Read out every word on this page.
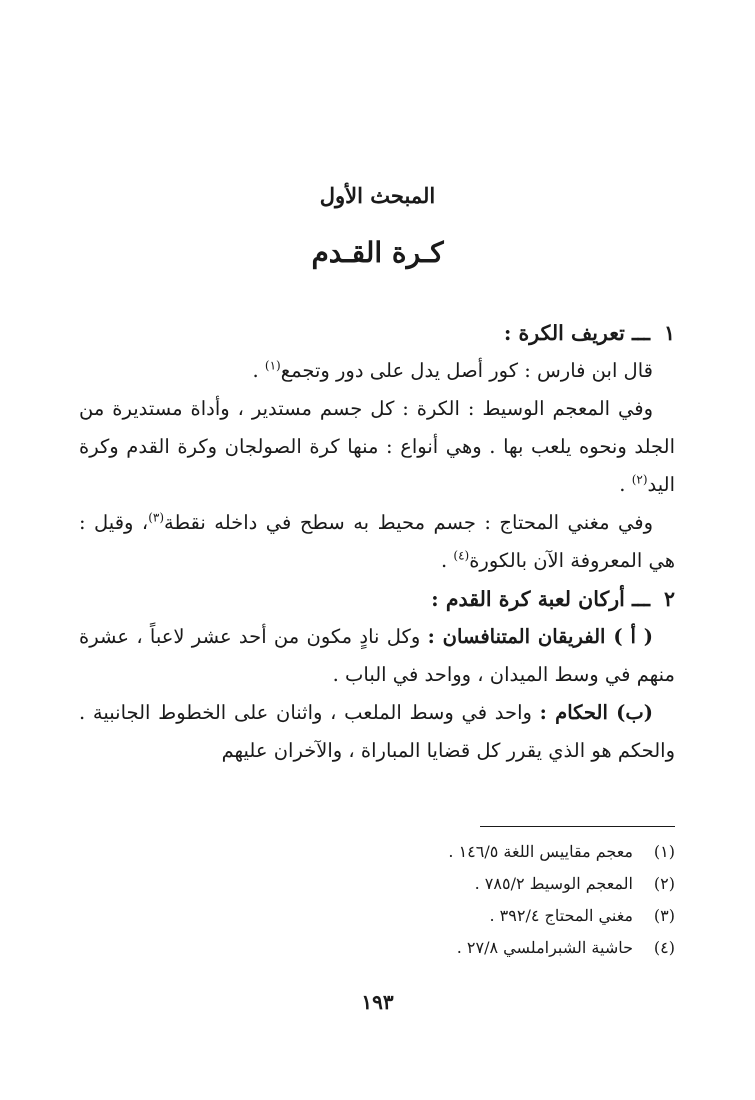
المبحث الأول
كـرة القـدم

١ـــ تعريف الكرة :

قال ابن فارس : كور أصل يدل على دور وتجمع$^{(١)}$ .

وفي المعجم الوسيط : الكرة : كل جسم مستدير ، وأداة مستديرة من الجلد ونحوه يلعب بها . وهي أنواع : منها كرة الصولجان وكرة القدم وكرة اليد$^{(٢)}$ .

وفي مغني المحتاج : جسم محيط به سطح في داخله نقطة$^{(٣)}$، وقيل : هي المعروفة الآن بالكورة$^{(٤)}$ .

٢ـــ أركان لعبة كرة القدم :

( أ ) الفريقان المتنافسان : وكل نادٍ مكون من أحد عشر لاعباً ، عشرة منهم في وسط الميدان ، وواحد في الباب .

(ب) الحكام : واحد في وسط الملعب ، واثنان على الخطوط الجانبية . والحكم هو الذي يقرر كل قضايا المباراة ، والآخران عليهم

(١)معجم مقاييس اللغة ١٤٦/٥ .
(٢)المعجم الوسيط ٧٨٥/٢ .
(٣)مغني المحتاج ٣٩٢/٤ .
(٤)حاشية الشبراملسي ٢٧/٨ .
١٩٣
